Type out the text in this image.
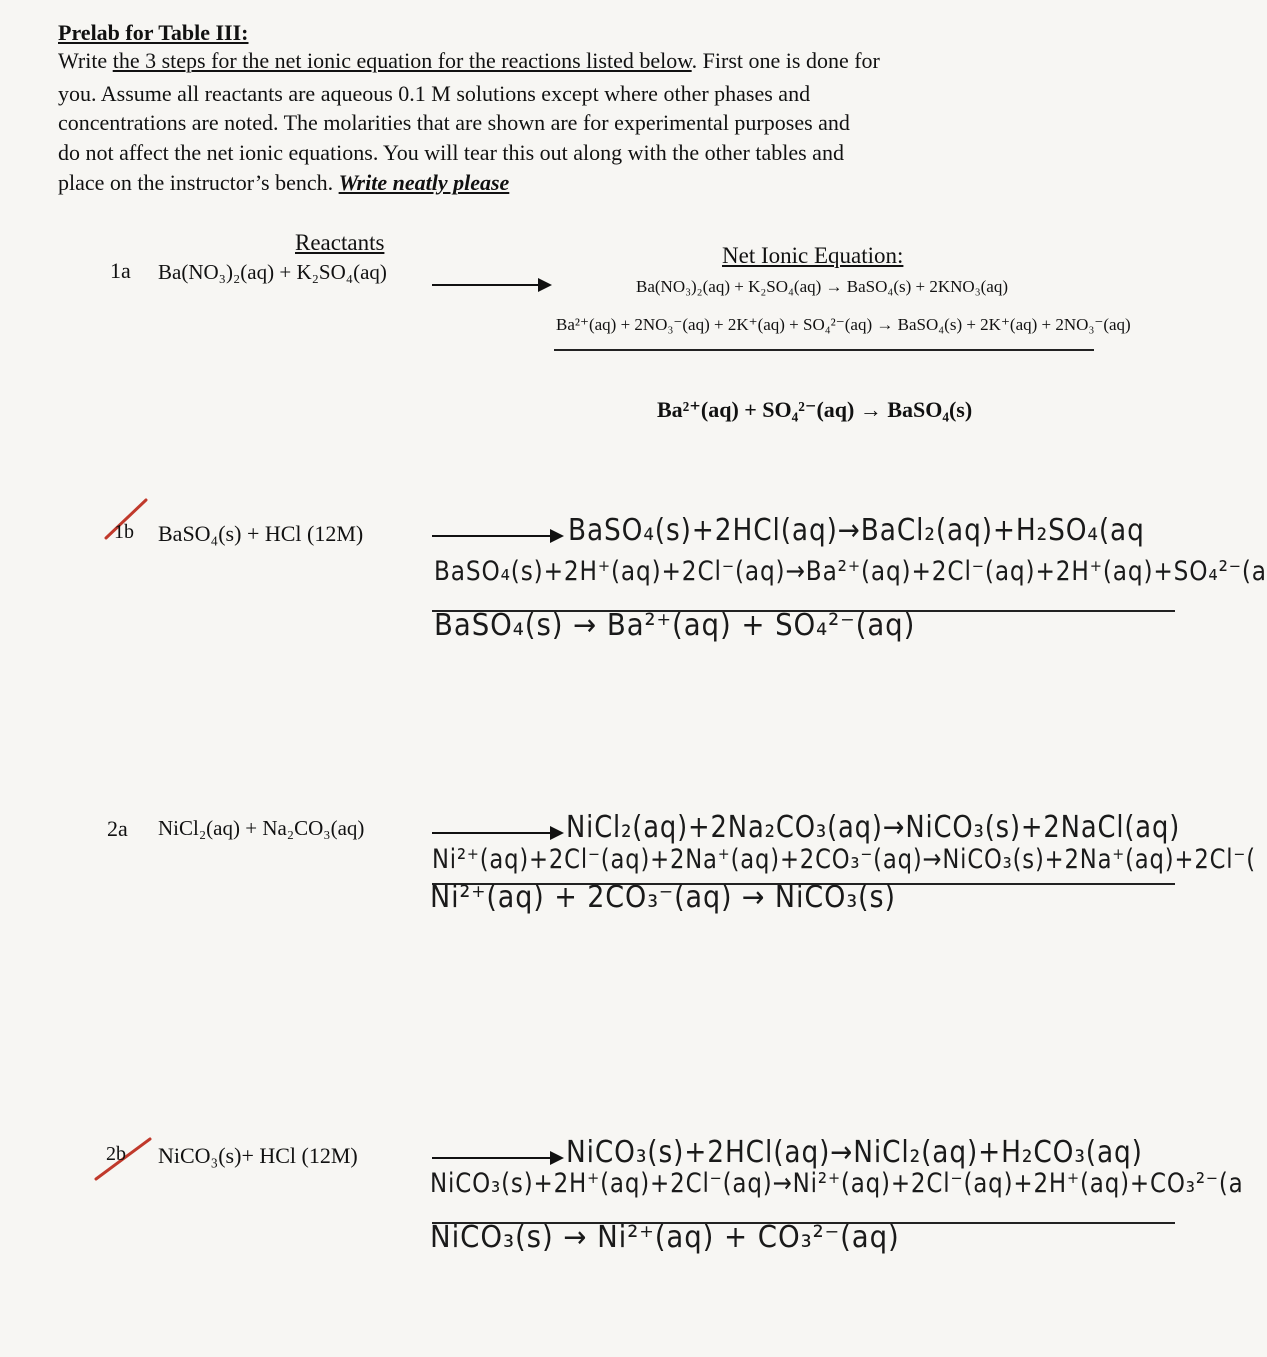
Prelab for Table III:
Write the 3 steps for the net ionic equation for the reactions listed below. First one is done for
you. Assume all reactants are aqueous 0.1 M solutions except where other phases and
concentrations are noted. The molarities that are shown are for experimental purposes and
do not affect the net ionic equations. You will tear this out along with the other tables and
place on the instructor’s bench. Write neatly please
Reactants
Net Ionic Equation:
1a Ba(NO₃)₂(aq) + K₂SO₄(aq)
Ba(NO₃)₂(aq) + K₂SO₄(aq) → BaSO₄(s) + 2KNO₃(aq)
Ba²⁺(aq) + 2NO₃⁻(aq) + 2K⁺(aq) + SO₄²⁻(aq) → BaSO₄(s) + 2K⁺(aq) + 2NO₃⁻(aq)
Ba²⁺(aq) + SO₄²⁻(aq) → BaSO₄(s)
1b BaSO₄(s) + HCl (12M)	BaSO₄(s)+2HCl(aq)→BaCl₂(aq)+H₂SO₄(aq
BaSO₄(s)+2H⁺(aq)+2Cl⁻(aq)→Ba²⁺(aq)+2Cl⁻(aq)+2H⁺(aq)+SO₄²⁻(a
BaSO₄(s) → Ba²⁺(aq) + SO₄²⁻(aq)
2a NiCl₂(aq) + Na₂CO₃(aq)	NiCl₂(aq)+2Na₂CO₃(aq)→NiCO₃(s)+2NaCl(aq)
Ni²⁺(aq)+2Cl⁻(aq)+2Na⁺(aq)+2CO₃⁻(aq)→NiCO₃(s)+2Na⁺(aq)+2Cl⁻(
Ni²⁺(aq) + 2CO₃⁻(aq) → NiCO₃(s)
2b NiCO₃(s)+ HCl (12M)	NiCO₃(s)+2HCl(aq)→NiCl₂(aq)+H₂CO₃(aq)
NiCO₃(s)+2H⁺(aq)+2Cl⁻(aq)→Ni²⁺(aq)+2Cl⁻(aq)+2H⁺(aq)+CO₃²⁻(a
NiCO₃(s) → Ni²⁺(aq) + CO₃²⁻(aq)
